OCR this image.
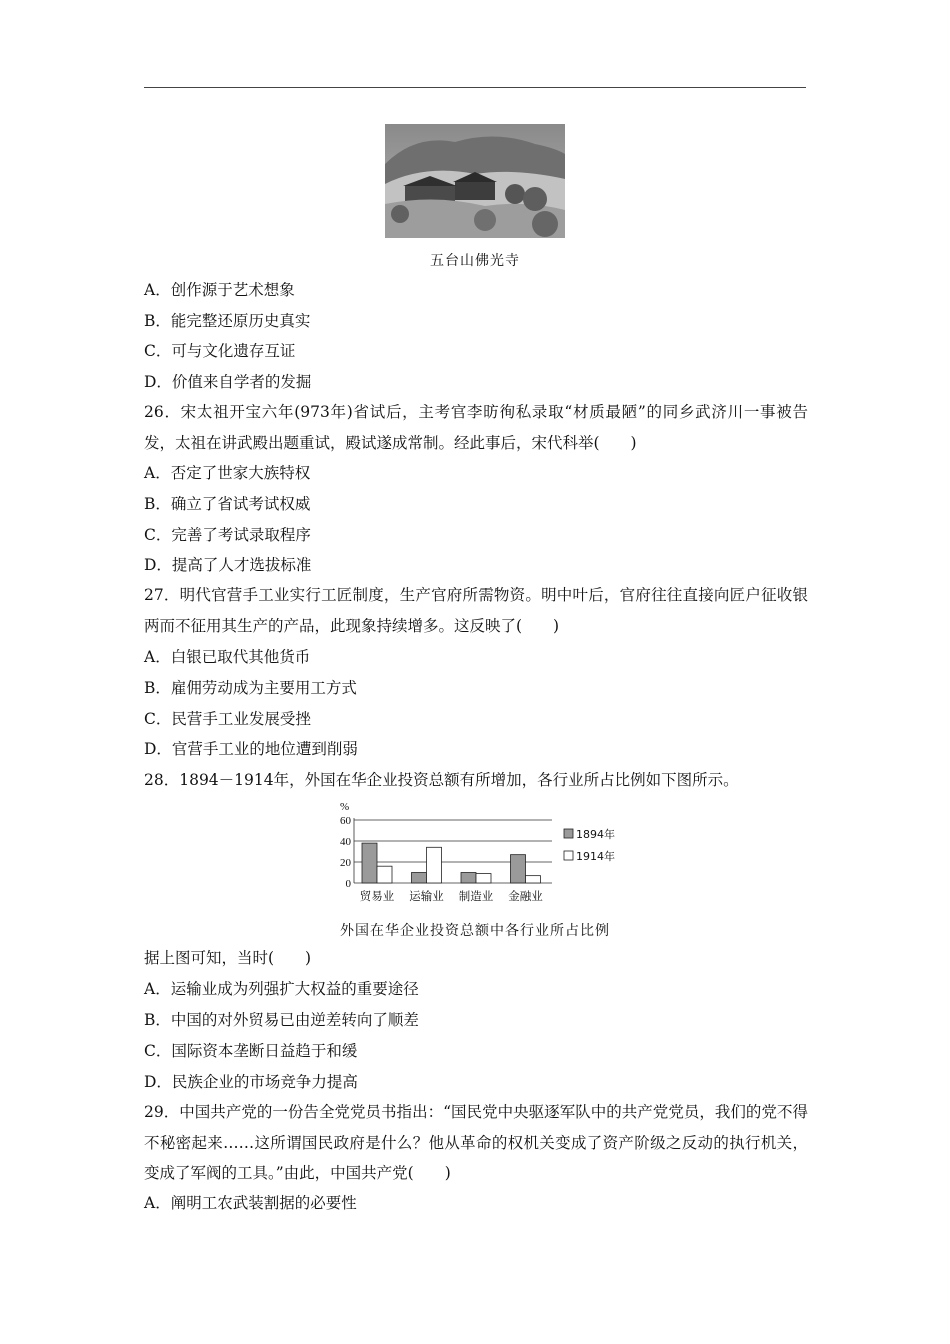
五台山佛光寺
A．创作源于艺术想象
B．能完整还原历史真实
C．可与文化遗存互证
D．价值来自学者的发掘
26．宋太祖开宝六年(973年)省试后，主考官李昉徇私录取“材质最陋”的同乡武济川一事被告发，太祖在讲武殿出题重试，殿试遂成常制。经此事后，宋代科举(　　)
A．否定了世家大族特权
B．确立了省试考试权威
C．完善了考试录取程序
D．提高了人才选拔标准
27．明代官营手工业实行工匠制度，生产官府所需物资。明中叶后，官府往往直接向匠户征收银两而不征用其生产的产品，此现象持续增多。这反映了(　　)
A．白银已取代其他货币
B．雇佣劳动成为主要用工方式
C．民营手工业发展受挫
D．官营手工业的地位遭到削弱
28．1894－1914年，外国在华企业投资总额有所增加，各行业所占比例如下图所示。
%
0
20
40
60
贸易业 运输业 制造业 金融业
1894年
1914年
外国在华企业投资总额中各行业所占比例
据上图可知，当时(　　)
A．运输业成为列强扩大权益的重要途径
B．中国的对外贸易已由逆差转向了顺差
C．国际资本垄断日益趋于和缓
D．民族企业的市场竞争力提高
29．中国共产党的一份告全党党员书指出：“国民党中央驱逐军队中的共产党党员，我们的党不得不秘密起来……这所谓国民政府是什么？他从革命的权机关变成了资产阶级之反动的执行机关，变成了军阀的工具。”由此，中国共产党(　　)
A．阐明工农武装割据的必要性
